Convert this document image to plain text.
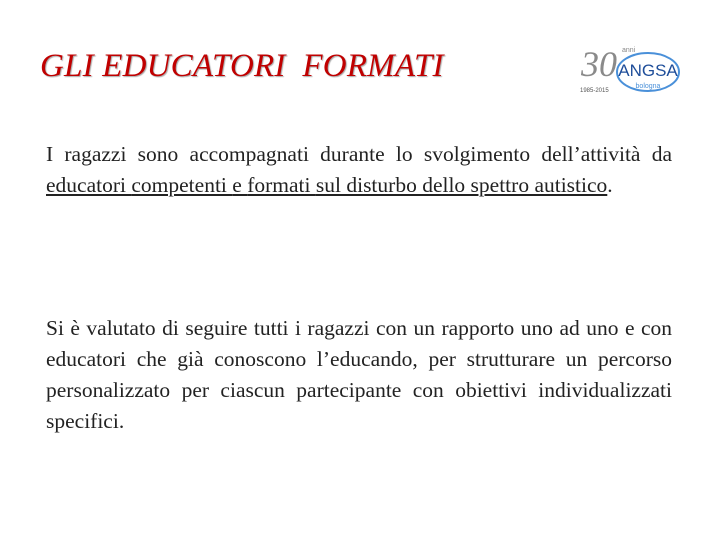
GLI EDUCATORI  FORMATI	30 anni
ANGSA
bologna
1985-2015

I ragazzi sono accompagnati durante lo svolgimento dell’attività da educatori competenti e formati sul disturbo dello spettro autistico.

Si è valutato di seguire tutti i ragazzi con un rapporto uno ad uno e con educatori che già conoscono l’educando, per strutturare un percorso personalizzato per ciascun partecipante con obiettivi individualizzati specifici.
